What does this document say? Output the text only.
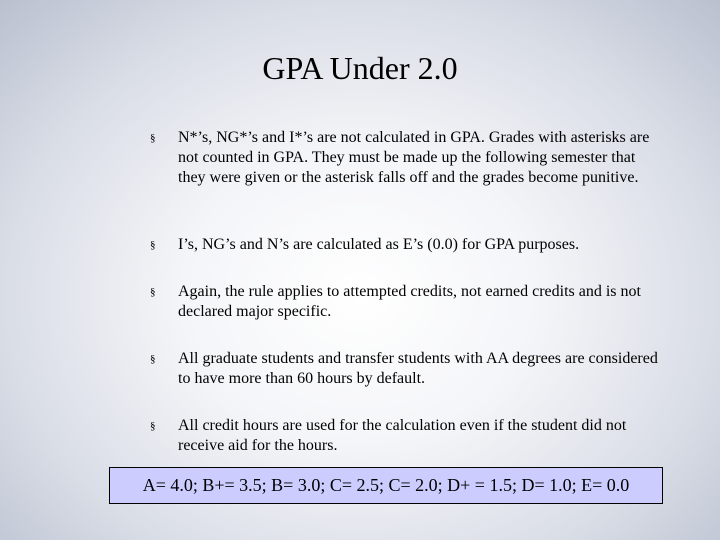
GPA Under 2.0
§	N*’s, NG*’s and I*’s are not calculated in GPA. Grades with asterisks are not counted in GPA. They must be made up the following semester that they were given or the asterisk falls off and the grades become punitive.
§	I’s, NG’s and N’s are calculated as E’s (0.0) for GPA purposes.
§	Again, the rule applies to attempted credits, not earned credits and is not declared major specific.
§	All graduate students and transfer students with AA degrees are considered to have more than 60 hours by default.
§	All credit hours are used for the calculation even if the student did not receive aid for the hours.
A= 4.0; B+= 3.5; B= 3.0; C= 2.5; C= 2.0; D+ = 1.5; D= 1.0; E= 0.0
